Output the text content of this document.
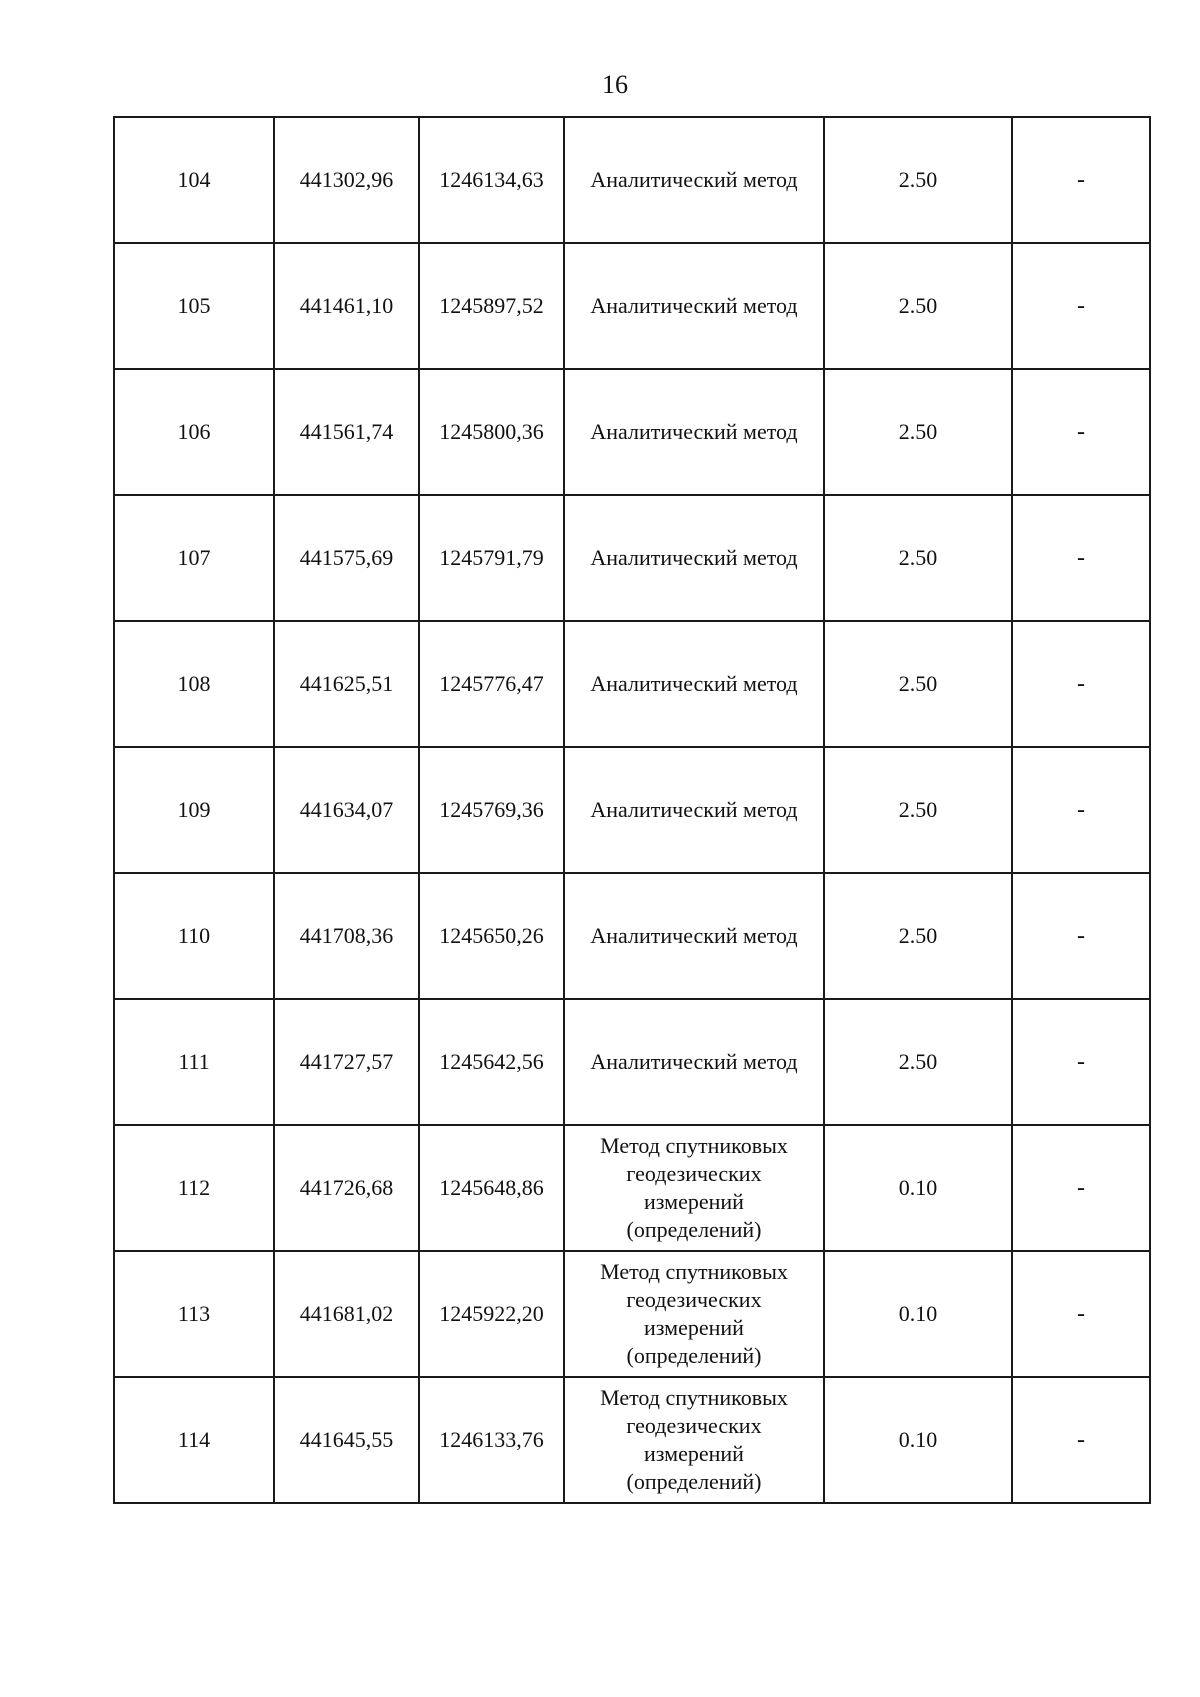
16
104	441302,96	1246134,63	Аналитический метод	2.50	-
105	441461,10	1245897,52	Аналитический метод	2.50	-
106	441561,74	1245800,36	Аналитический метод	2.50	-
107	441575,69	1245791,79	Аналитический метод	2.50	-
108	441625,51	1245776,47	Аналитический метод	2.50	-
109	441634,07	1245769,36	Аналитический метод	2.50	-
110	441708,36	1245650,26	Аналитический метод	2.50	-
111	441727,57	1245642,56	Аналитический метод	2.50	-
112	441726,68	1245648,86	Метод спутниковых геодезических измерений (определений)	0.10	-
113	441681,02	1245922,20	Метод спутниковых геодезических измерений (определений)	0.10	-
114	441645,55	1246133,76	Метод спутниковых геодезических измерений (определений)	0.10	-
